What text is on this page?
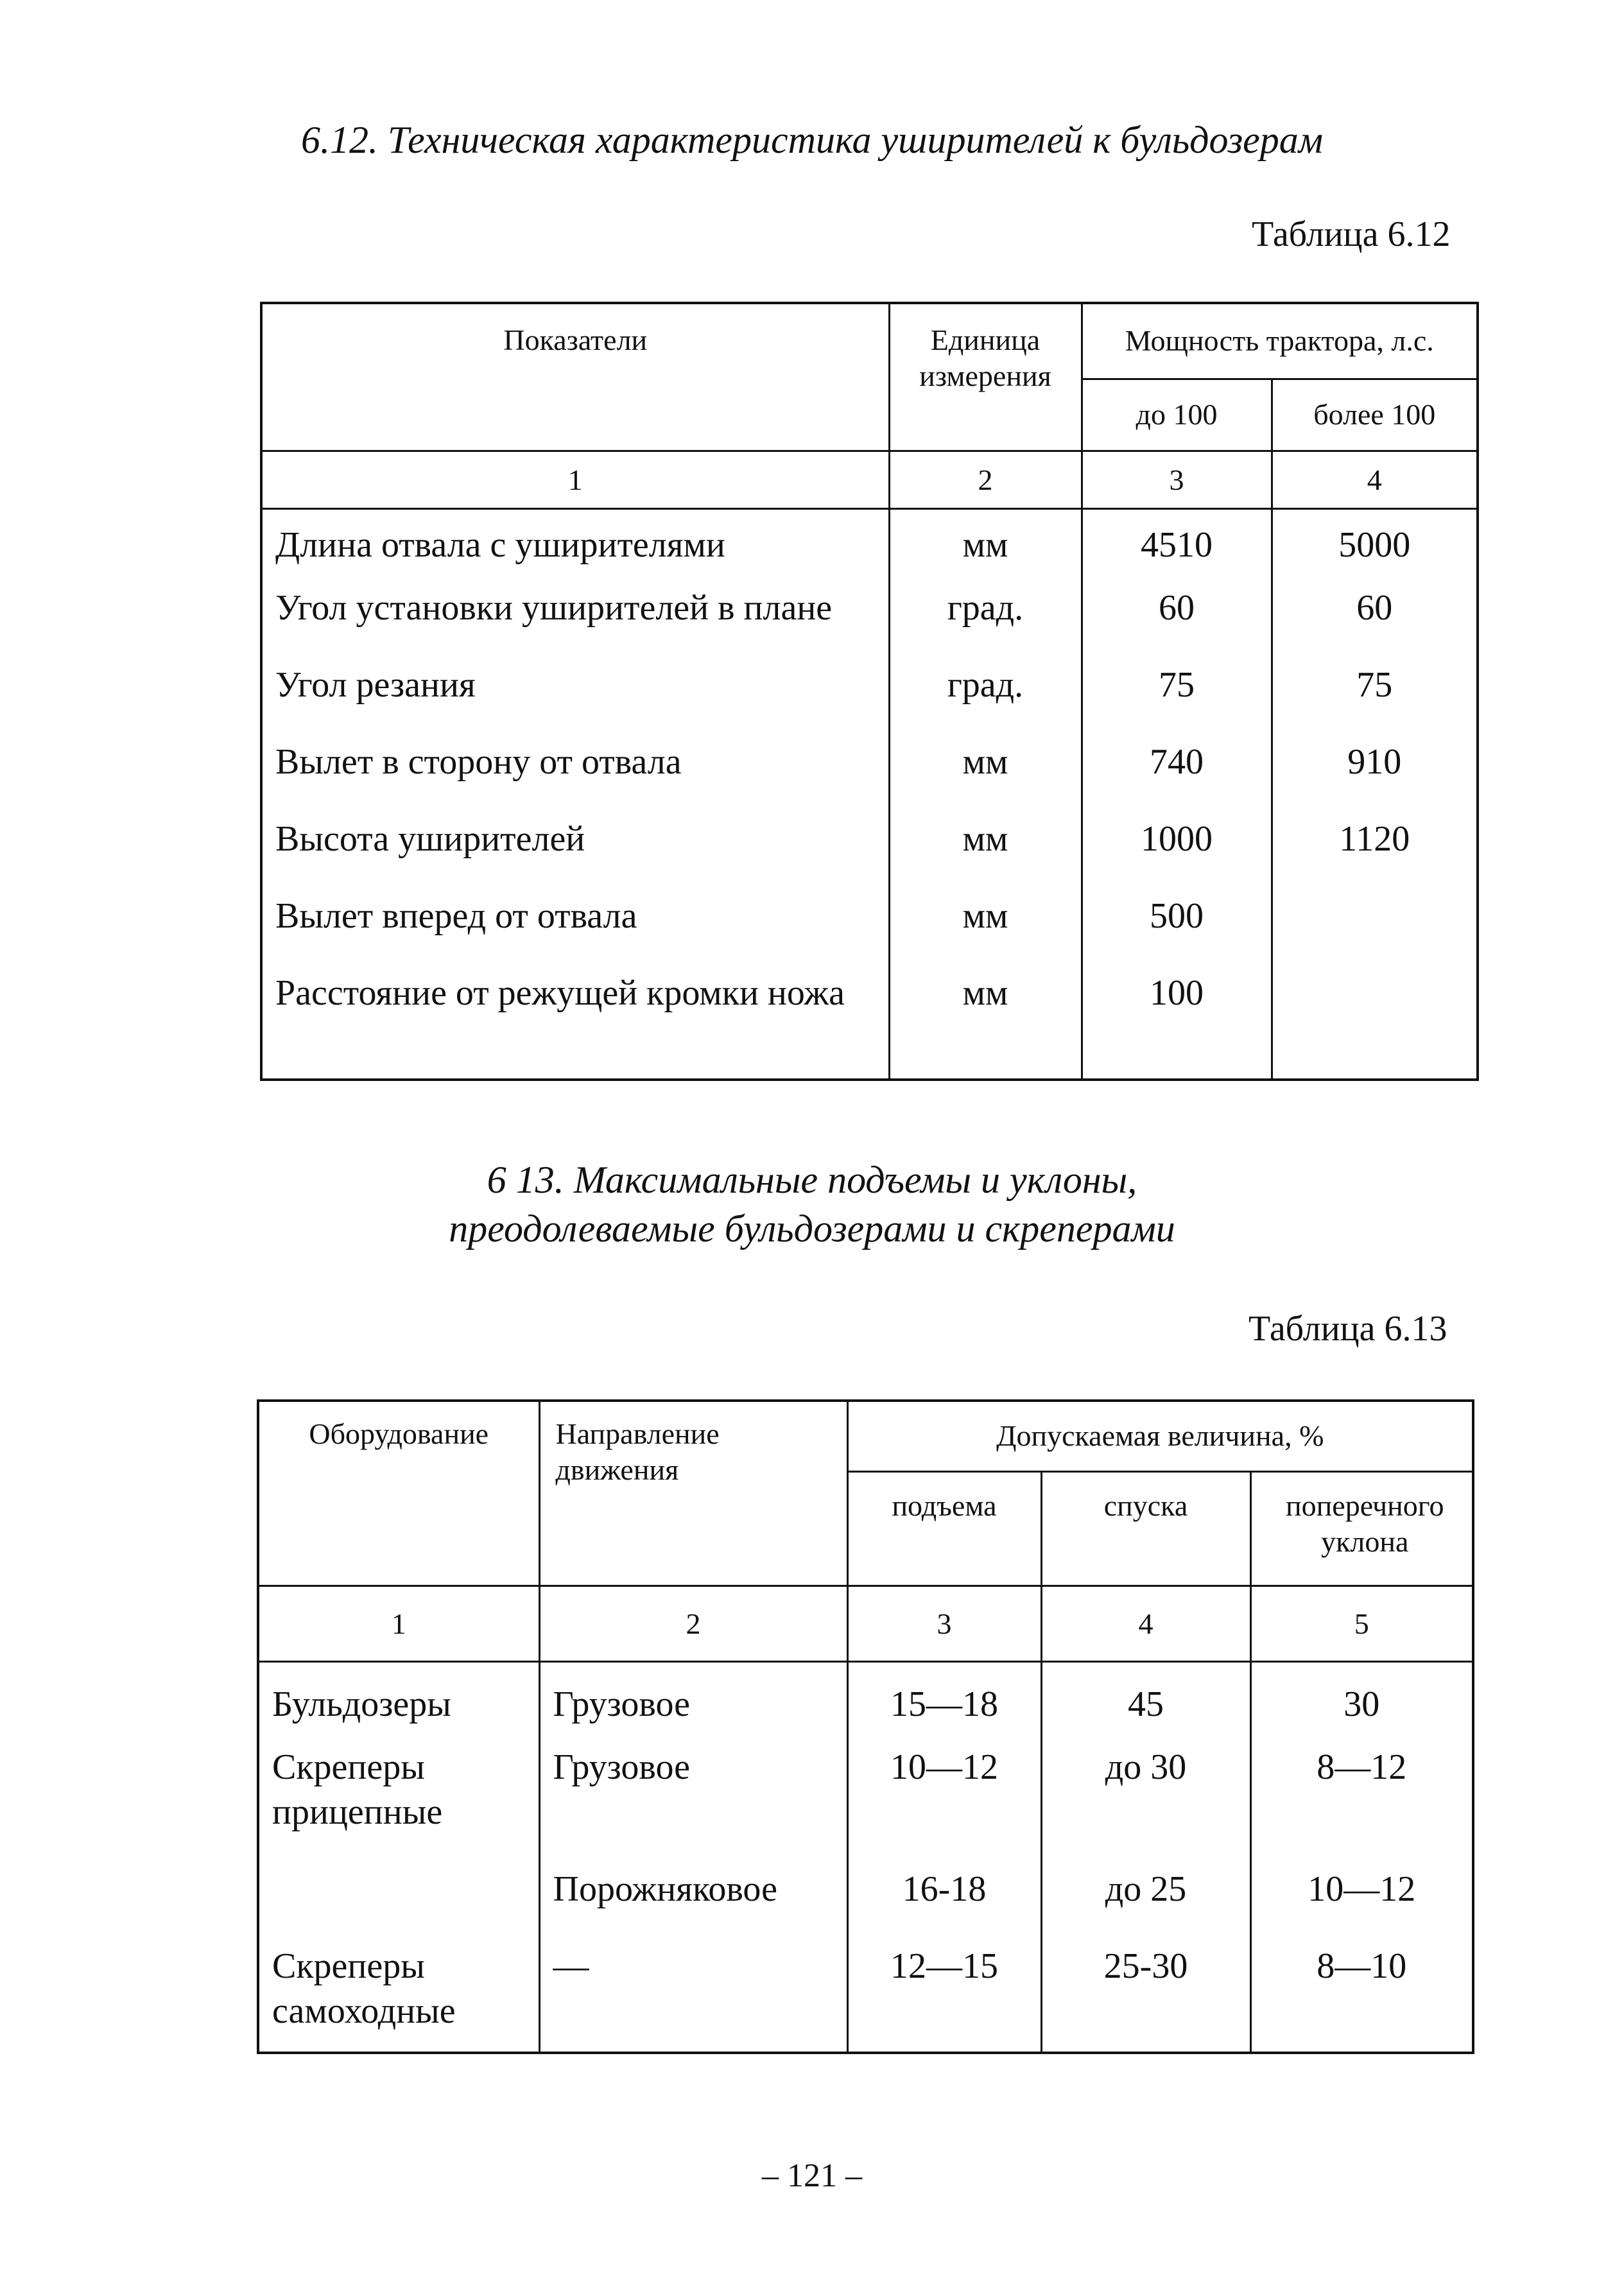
6.12. Техническая характеристика уширителей к бульдозерам
Таблица 6.12
Показатели	Единица измерения	Мощность трактора, л.с.	
		до 100	более 100
1	2	3	4
Длина отвала с уширителями	мм	4510	5000
Угол установки уширителей в плане	град.	60	60
Угол резания	град.	75	75
Вылет в сторону от отвала	мм	740	910
Высота уширителей	мм	1000	1120
Вылет вперед от отвала	мм	500	
Расстояние от режущей кромки ножа	мм	100	
6 13. Максимальные подъемы и уклоны,
преодолеваемые бульдозерами и скреперами
Таблица 6.13
Оборудование	Направление движения	Допускаемая величина, %		
		подъема	спуска	поперечного уклона
1	2	3	4	5
Бульдозеры	Грузовое	15—18	45	30
Скреперы прицепные	Грузовое	10—12	до 30	8—12
	Порожняковое	16-18	до 25	10—12
Скреперы самоходные	—	12—15	25-30	8—10
– 121 –
